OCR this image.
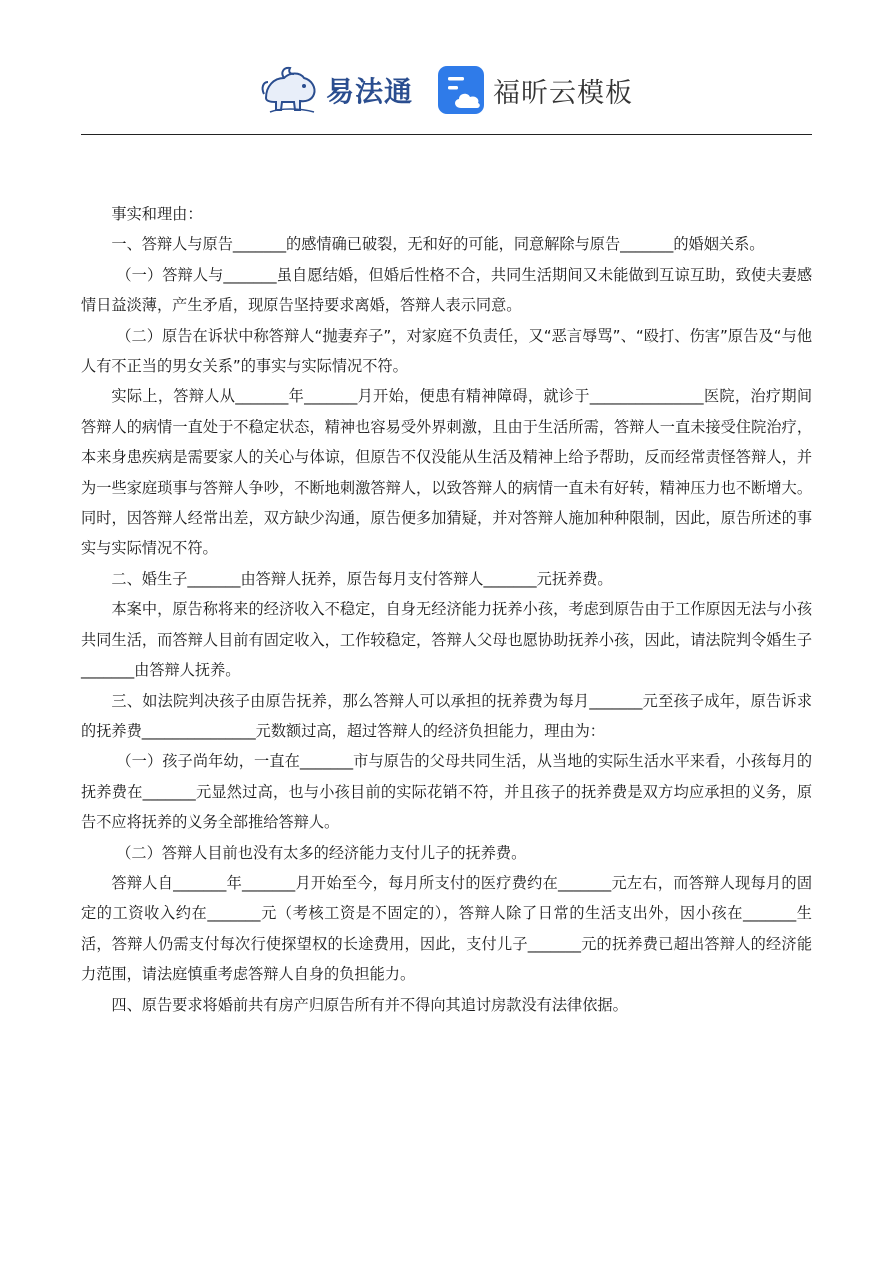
易法通	福昕云模板

事实和理由：

一、答辩人与原告_______的感情确已破裂，无和好的可能，同意解除与原告_______的婚姻关系。

（一）答辩人与_______虽自愿结婚，但婚后性格不合，共同生活期间又未能做到互谅互助，致使夫妻感情日益淡薄，产生矛盾，现原告坚持要求离婚，答辩人表示同意。

（二）原告在诉状中称答辩人“抛妻弃子”，对家庭不负责任，又“恶言辱骂”、“殴打、伤害”原告及“与他人有不正当的男女关系”的事实与实际情况不符。

实际上，答辩人从_______年_______月开始，便患有精神障碍，就诊于_______________医院，治疗期间答辩人的病情一直处于不稳定状态，精神也容易受外界刺激，且由于生活所需，答辩人一直未接受住院治疗，本来身患疾病是需要家人的关心与体谅，但原告不仅没能从生活及精神上给予帮助，反而经常责怪答辩人，并为一些家庭琐事与答辩人争吵，不断地刺激答辩人，以致答辩人的病情一直未有好转，精神压力也不断增大。同时，因答辩人经常出差，双方缺少沟通，原告便多加猜疑，并对答辩人施加种种限制，因此，原告所述的事实与实际情况不符。

二、婚生子_______由答辩人抚养，原告每月支付答辩人_______元抚养费。

本案中，原告称将来的经济收入不稳定，自身无经济能力抚养小孩，考虑到原告由于工作原因无法与小孩共同生活，而答辩人目前有固定收入，工作较稳定，答辩人父母也愿协助抚养小孩，因此，请法院判令婚生子_______由答辩人抚养。

三、如法院判决孩子由原告抚养，那么答辩人可以承担的抚养费为每月_______元至孩子成年，原告诉求的抚养费_______________元数额过高，超过答辩人的经济负担能力，理由为：

（一）孩子尚年幼，一直在_______市与原告的父母共同生活，从当地的实际生活水平来看，小孩每月的抚养费在_______元显然过高，也与小孩目前的实际花销不符，并且孩子的抚养费是双方均应承担的义务，原告不应将抚养的义务全部推给答辩人。

（二）答辩人目前也没有太多的经济能力支付儿子的抚养费。

答辩人自_______年_______月开始至今，每月所支付的医疗费约在_______元左右，而答辩人现每月的固定的工资收入约在_______元（考核工资是不固定的），答辩人除了日常的生活支出外，因小孩在_______生活，答辩人仍需支付每次行使探望权的长途费用，因此，支付儿子_______元的抚养费已超出答辩人的经济能力范围，请法庭慎重考虑答辩人自身的负担能力。

四、原告要求将婚前共有房产归原告所有并不得向其追讨房款没有法律依据。
